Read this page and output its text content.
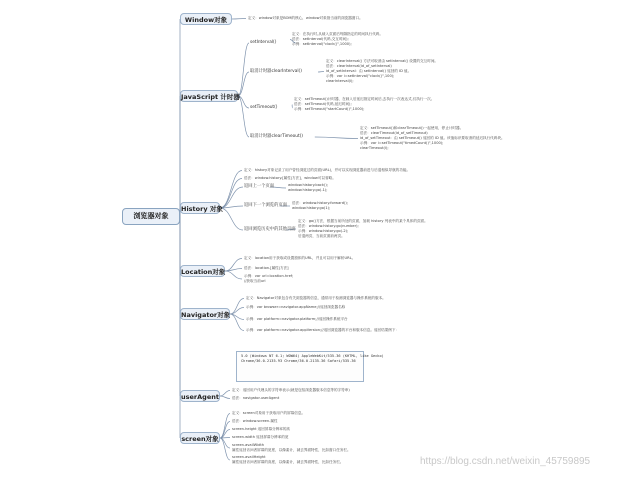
Window对象	定义：window对象是BOM的核心，window对象指当前的浏览器窗口。
JavaScript 计时器
setInterval()
定义：在执行时,从载入页面后每隔指定的时间执行代码。
语法：setInterval(代码,交互时间);
示例：setInterval("clock()",1000);
取消计时器clearInterval()
定义：clearInterval() 方法可取消由 setInterval() 设置的交互时间。
语法：clearInterval(id_of_setInterval)
id_of_setInterval：由 setInterval() 返回的 ID 值。
示例：var i=setInterval("clock()",100);
clearInterval(i);
setTimeout()
定义：setTimeout()计时器，在载入后延迟指定时间后,去执行一次表达式,仅执行一次。
语法：setTimeout(代码,延迟时间);
示例：setTimeout("startCount()",1000);
取消计时器clearTimeout()
定义：setTimeout()和clearTimeout()一起使用，停止计时器。
语法：clearTimeout(id_of_setTimeout)
id_of_setTimeout：由 setTimeout() 返回的 ID 值。该值标识要取消的延迟执行代码块。
示例：var i=setTimeout("timedCount()",1000);
clearTimeout(i);
History 对象
定义：history对象记录了用户曾经浏览过的页面(URL)，并可以实现浏览器前进与后退相似导航的功能。
语法：window.history.[属性|方法]，window可以省略。
返回上一个页面	window.history.back();
window.history.go(-1);
返回下一个浏览的页面 语法：window.history.forward();
window.history.go(1);
返回浏览历史中的其他页面
定义：go()方法，根据当前所处的页面，加载 history 列表中的某个具体的页面。
语法：window.history.go(number);
示例：window.history.go(-2);
后退两页，当前页面前两页。
Location对象
定义：location用于获取或设置窗体的URL，并且可以用于解析URL。
语法：location.[属性|方法]
示例：var url=location.href;
//获取当前url
Navigator对象
定义：Navigator对象包含有关浏览器的信息，通常用于检测浏览器与操作系统的版本。
示例：var browser=navigator.appName;//返回浏览器名称
示例：var platform=navigator.platform;//返回操作系统平台
示例：var platform=navigator.appVersion;//返回浏览器的平台和版本信息。返回结果例下：
userAgent
定义：返回用户代理头的字符串表示(就是包括浏览器版本信息等的字符串)
语法：navigator.userAgent
screen对象
定义：screen对象用于获取用户的屏幕信息。
语法：window.screen.属性
screen.height 返回屏幕分辨率的高
screen.width 返回屏幕分辨率的宽
screen.availWidth
属性返回访问者屏幕的宽度，以像素计，减去界面特性，比如窗口任务栏。
screen.availHeight
属性返回访问者屏幕的高度，以像素计，减去界面特性，比如任务栏。
浏览器对象
5.0 (Windows NT 6.1; WOW64) AppleWebKit/535.36 (KHTML, like Gecko)
Chrome/36.0.2135.93 Chrome/36.0.2135.36 Safari/535.36
https://blog.csdn.net/weixin_45759895
